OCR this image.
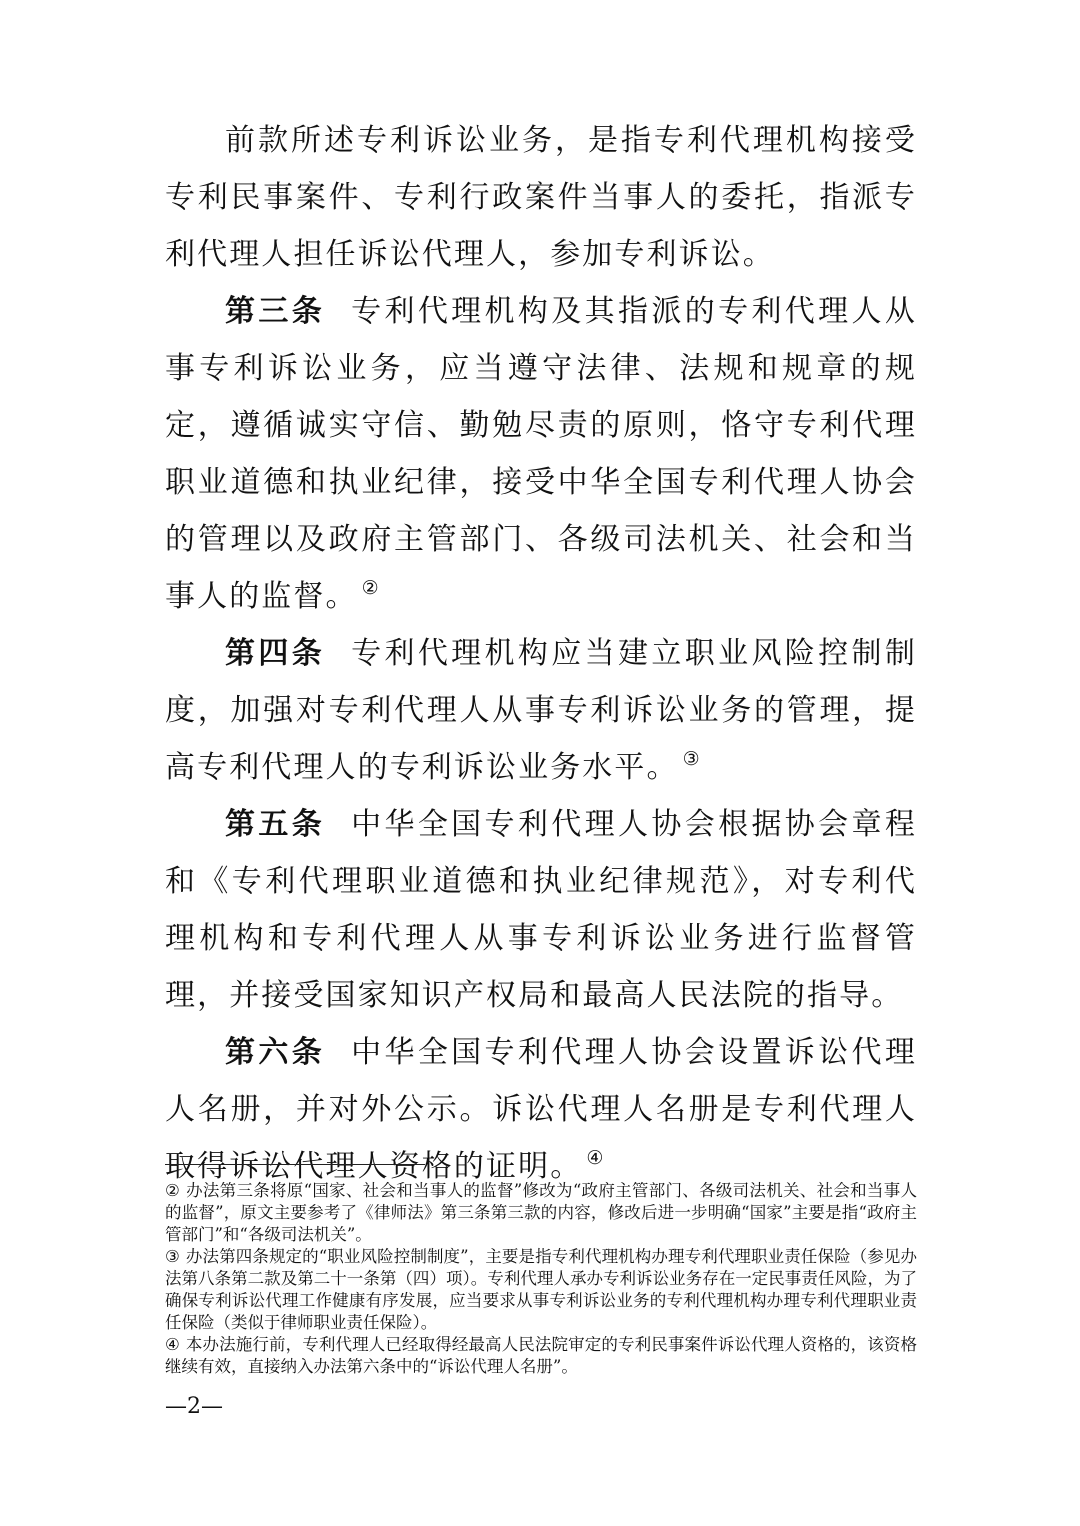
前款所述专利诉讼业务，是指专利代理机构接受专利民事案件、专利行政案件当事人的委托，指派专利代理人担任诉讼代理人，参加专利诉讼。

第三条 专利代理机构及其指派的专利代理人从事专利诉讼业务，应当遵守法律、法规和规章的规定，遵循诚实守信、勤勉尽责的原则，恪守专利代理职业道德和执业纪律，接受中华全国专利代理人协会的管理以及政府主管部门、各级司法机关、社会和当事人的监督。 ②

第四条 专利代理机构应当建立职业风险控制制度，加强对专利代理人从事专利诉讼业务的管理，提高专利代理人的专利诉讼业务水平。 ③

第五条 中华全国专利代理人协会根据协会章程和《专利代理职业道德和执业纪律规范》，对专利代理机构和专利代理人从事专利诉讼业务进行监督管理，并接受国家知识产权局和最高人民法院的指导。

第六条 中华全国专利代理人协会设置诉讼代理人名册，并对外公示。诉讼代理人名册是专利代理人取得诉讼代理人资格的证明。 ④

② 办法第三条将原“国家、社会和当事人的监督”修改为“政府主管部门、各级司法机关、社会和当事人的监督”，原文主要参考了《律师法》第三条第三款的内容，修改后进一步明确“国家”主要是指“政府主管部门”和“各级司法机关”。

③ 办法第四条规定的“职业风险控制制度”，主要是指专利代理机构办理专利代理职业责任保险（参见办法第八条第二款及第二十一条第（四）项）。专利代理人承办专利诉讼业务存在一定民事责任风险，为了确保专利诉讼代理工作健康有序发展，应当要求从事专利诉讼业务的专利代理机构办理专利代理职业责任保险（类似于律师职业责任保险）。

④ 本办法施行前，专利代理人已经取得经最高人民法院审定的专利民事案件诉讼代理人资格的，该资格继续有效，直接纳入办法第六条中的“诉讼代理人名册”。

—2—
